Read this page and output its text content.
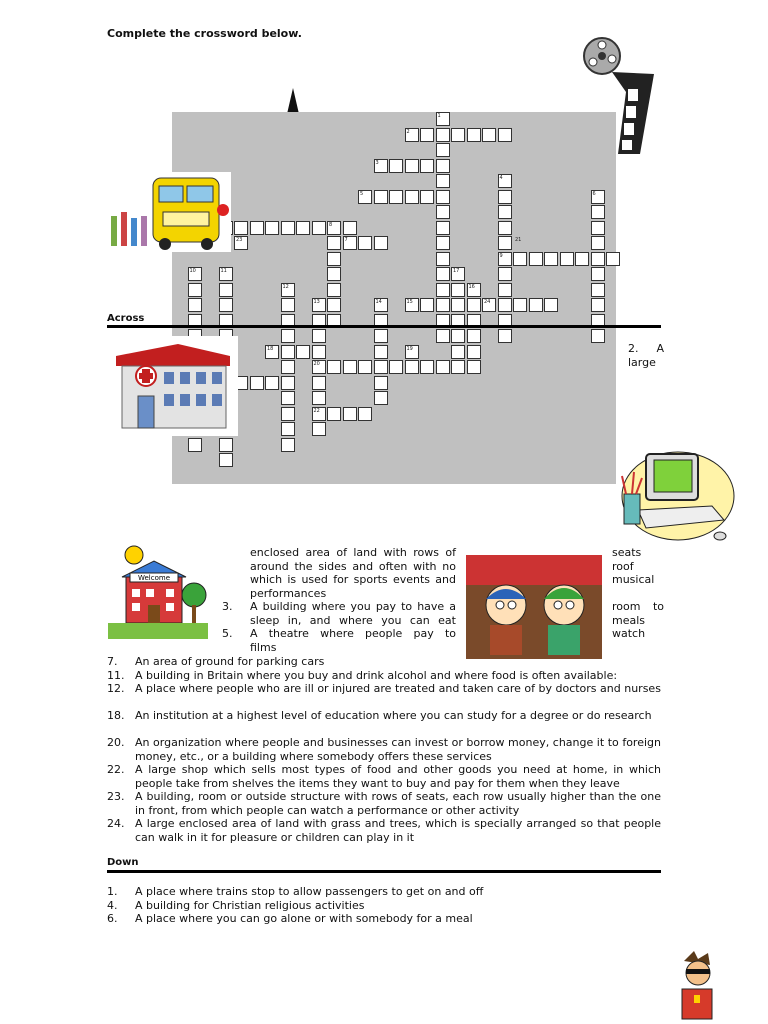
Complete the crossword below.
1
2
3
4
5	6
7
8
9
10	11
12
13	14	15
16
17
18	19
20
21
22
23
24
Welcome
Across
2. A

large
enclosed area of land with rows of
around the sides and often with no
which is used for sports events and
performances
3. A building where you pay to have a
sleep in, and where you can eat
5. A theatre where people pay to
films
seats
roof
musical
room to
meals
watch
7.	An area of ground for parking cars
11. A building in Britain where you buy and drink alcohol and where food is often available:
12. A place where people who are ill or injured are treated and taken care of by doctors and nurses
18. An institution at a highest level of education where you can study for a degree or do research
20. An organization where people and businesses can invest or borrow money, change it to foreign money, etc., or a building where somebody offers these services
22. A large shop which sells most types of food and other goods you need at home, in which people take from shelves the items they want to buy and pay for them when they leave
23. A building, room or outside structure with rows of seats, each row usually higher than the one in front, from which people can watch a performance or other activity
24. A large enclosed area of land with grass and trees, which is specially arranged so that people can walk in it for pleasure or children can play in it
Down
1.	A place where trains stop to allow passengers to get on and off
4.	A building for Christian religious activities
6.	A place where you can go alone or with somebody for a meal
